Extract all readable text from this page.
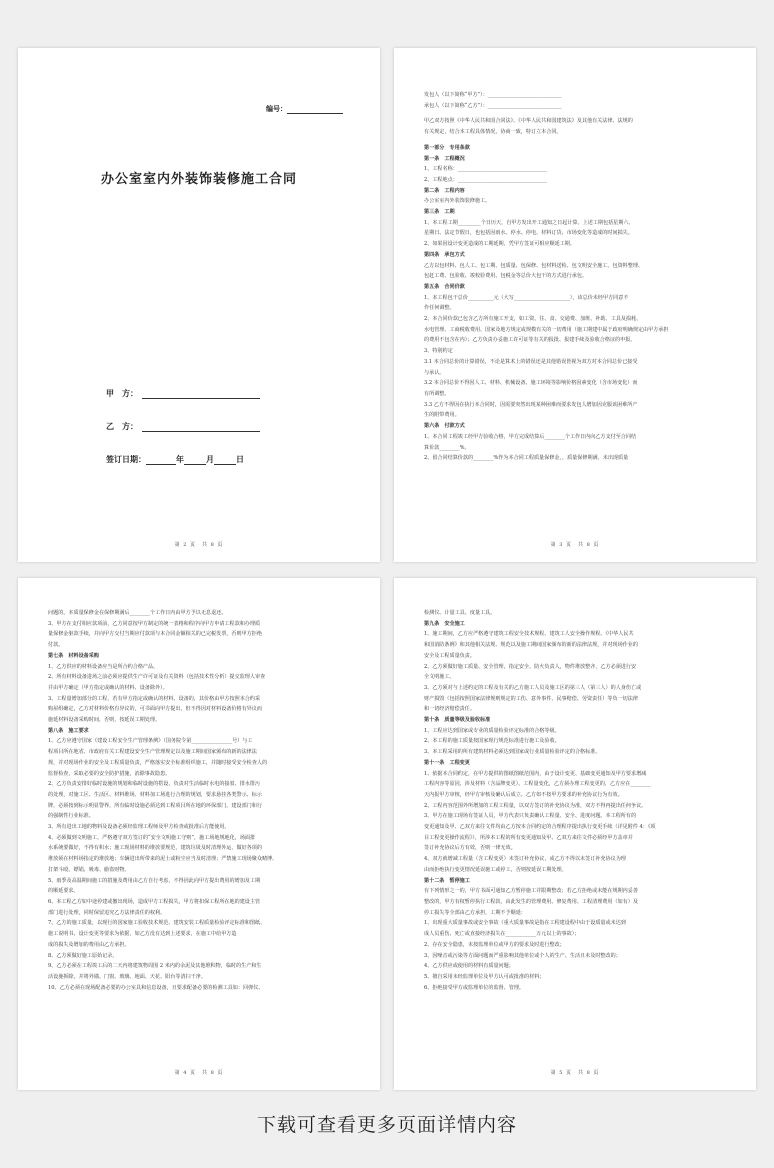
编号：
办公室室内外装饰装修施工合同
甲　方：
乙　方：
签订日期：	年	月	日
第 2 页　共 8 页
发包人（以下简称“甲方”）：_____________________________
承包人（以下简称“乙方”）：_____________________________
甲乙双方按照《中华人民共和国合同法》、《中华人民共和国建筑法》及其他有关法律、法规的
有关规定，结合本工程具体情况，协商一致，特订立本合同。
第一部分　专用条款
第一条　工程概况
1、工程名称：___________________________________
2、工程地点：___________________________________
第二条　工程内容
办公室室内外装饰装修施工。
第三条　工期
1、本工程工期_________个日历天，自甲方发出开工通知之日起计算。上述工期包括星期六、
星期日、法定节假日，也包括因雨水、停水、停电、材料订货、市场变化等造成的时间损失。
2、如果因设计变更造成的工期延期，凭甲方签证可相应顺延工期。
第四条　承包方式
乙方以包材料、包人工、包工期、包质量、包保修、包材料送检、包文明安全施工、包资料整理、
包赶工费、包验收、竣校验费用、包税金等总价大包干的方式进行承包。
第五条　合同价款
1、本工程包干总价__________元（大写______________________），该总价未经甲方同意不
作任何调整。
2、本合同价款已包含乙方所有施工开支，如工资、住、食、交通费、加班、补助、工具及损耗、
水电管理、工商税收费用、国家及地方规定或规模有关的一切费用（施工期建中属于政府明确规定由甲方承担
的费用不包含在内）；乙方负责办妥施工许可证等有关的报批、报建手续及验收合格证的申报。
3、特别约定
3.1 本合同总价的计算错误，不论是算术上的错误还是其他错误皆视为双方对本合同总价已接受
与承认。
3.2 本合同总价不得因人工、材料、机械设备、施工环境等影响价格因素变化（含市场变化）而
有所调整。
3.3 乙方不得因在执行本合同时，因需要突然出现某种困难而要求发包人增加因克服该困难所产
生的附带费用。
第六条　付款方式
1、本合同工程竣工经甲方验收合格，甲方完成结算后________个工作日内向乙方支付至合同结
算价款________%。
2、留合同结算价款的________%作为本合同工程质量保修金，，质量保修期满，未出现质量
第 3 页　共 8 页
问题的，本质量保修金在保修期满后________个工作日内由甲方予以无息退还。
3、甲方在支付相应款项前，乙方同意按甲方制定的统一表格和程序向甲方申请工程款和办理质
量保修金驱款手续，并向甲方交付当期应付款项与本合同金额相关的已完税发票，否则甲方拒绝
付款。
第七条　材料设备采购
1、乙方供应的材料设备应当是所合约合格产品。
2、所有材料设备进场之前必须应提供生产许可证及有关资料（包括技术性分析）提交监理人审查
并由甲方确定（甲方指定或确认的材料、设备除外）。
3、工程量增加部分的工程，若有甲方指定或确认的材料、设备的，其价格由甲方按照本合约采
购屋组确定，乙方对材料价格有异议的，可书面向甲方提出，但不得因对材料设备价格有异议而
施延材料设备采购时间，否则，按延误工期处理。
第八条　施工要求
1、乙方应遵守国家《建设工程安全生产管理条例》（国务院令第________________号）与工
程项目所在地省、市政府有关工程建设安全生产管理规定以及施工期间国家颁布的新的法律法
规，并对现场作业的安全及工程质量负责，严格落实安全标准组织施工，并随时接受安全检查人的
监督检查，采取必要的安全防护措施，消除事故隐患。
2、乙方负责安排好临时设施的规划和临时设施的搭设，负责对生活临时水电的接驳、排水排污
的处理，对施工区、生活区、材料堆场、材料加工场进行合理的规划，要求悬挂各类警示、标示
牌，必须按到标示明显警界，所有临时设施必须达到工程项目所在地的环保部门、建设部门和行
的强制性行业标准。
3、所有进出工地的物料及设备必须经监理工程师及甲方检查或批准后方能使用。
4、必须做到文明施工，严格遵守双方签订的“安全文明施工守则”，施工场地规地化，场面排
水系统要做好，不得有积水；施工现场材料的堆放要规范，建筑垃圾及时清理外运，做好各项的
堆放须在材料场指定的堆放地；车辆进出所带来的泥土或粉尘应当及时清理；严禁施工现场聚众赌博、
打架斗殴、嫖娼、吸毒、偷盗财物。
5、雨季及高温期间施工的措施及费用由乙方自行考虑，不得因此向甲方提出费用的增加及工期
的顺延要求。
6、本工程乙方如中途停建或撤出现场，造成甲方工程损失，甲方将扣保工程所在地的建设主管
部门进行处理，同时保留追究乙方法律责任的权利。
7、乙方的施工质量，以现行的国家施工验收技术规范、建筑安装工程质量检验评定标准和图纸、
施工说明书、设计变更等要求为依据，如乙方没有达到上述要求，在施工中给甲方造
成的损失及增加的费用由乙方承担。
8、乙方须做好施工原始记录。
9、乙方必须在工程竣工后的二天内将建筑物周围 2 米内的余泥及其他堆积物，临时的生产和生
活设施拆除，并将外墙、门窗、玻璃、地面、天花、阳台等清扫干净。
10、乙方必须在现场配备必要的办公室具和信息设备，且要求配备必要的检测工具如：回弹仪、
第 4 页　共 8 页
检测仪、计量工具、度量工具。
第九条　安全施工
1、施工期间，乙方应严格遵守建筑工程安全技术规程、建筑工人安全操作规程、《中华人民共
和国消防条例》和其他相关法规、规范以及施工期间国家颁布的新的法律法规，并对现场作业的
安全及工程质量负责。
2、乙方须做好施工质量、安全管理，指定安全、防火负责人，物件堆放整齐，乙方必须进行安
全文明施工。
3、乙方须对与上述约定的工程及有关的乙方施工人员及施工区的第三人（第三人）的人身伤亡或
财产损毁（包括按照国家法律规则规定的工伤、意外事件、民事赔偿、劳资责任）等负一切法律
和一切经济赔偿责任。
第十条　质量等级及验收标准
1、工程应达到国家或专业的质量检验评定标准的合格等级。
2、本工程的施工质量按国家现行规范标准进行施工及验收。
3、本工程采用的所有建筑材料必须达到国家或行业质量检验评定的合格标准。
第十一条　工程变更
1、依据本合同约定，在甲方提供的图纸图纸范围内，由于设计变更、基础变更通知及甲方要求增减
工程内容等原因，涉及材料（含品牌变更）、工程量变化，乙方须办理工程变更的，乙方应在________
天内报甲方审核，经甲方审核及确认后成立。乙方如不按甲方要求的补充协议行为有效。
2、工程内容范围外所增加的工程工程量，以双方签订的补充协议为准，双方不得再提出任何争议。
3、甲方在施工现场有签证人员，甲方代表只负责确认工程量、安全、进度问题。本工程所有的
变更通知及甲、乙双方来往文件均由乙方按本合同约定的合理程序提出执行变更手续（详见附件 4：《项
目工程变更操作流程》），所涉本工程的所有变更通知及甲、乙双方来往文件必须经甲方盖章并
签订补充协议后方有效，否则一律无效。
4、双方就增减工程量（含工程变更）未签订补充协议，或乙方不得以未签订补充协议为理
由而拒绝执行变更情况延误施工或停工，否则按延误工期处理。
第十二条　暂停施工
有下列情形之一的，甲方书面可通知乙方暂停施工并限期整改；若乙方拒绝或未能在规期内妥善
整改的，甲方有权暂停执行工程款，由此发生的管理费用、修复费用、工程清理费用（如有）及
停工损失等全部由乙方承担，工期不予顺延：
1、出现重大质量事故或安全事故（重大质量事故是指在工程建设程中由于设质量或未达到
成人员重伤、死亡或直接经济损失在____________万元以上的事故）；
2、存在安全隐患，未按监理单位或甲方的要求及时进行整改；
3、因噪音或污染等方面问题而严重影响其他单位或个人的生产、生活且未及时整改的；
4、乙方供应或使用的材料有质量问题；
5、擅自采用未经监理单位及甲方认可或批准的材料；
6、拒绝接受甲方或监理单位的监督、管理。
第 5 页　共 8 页
下载可查看更多页面详情内容
